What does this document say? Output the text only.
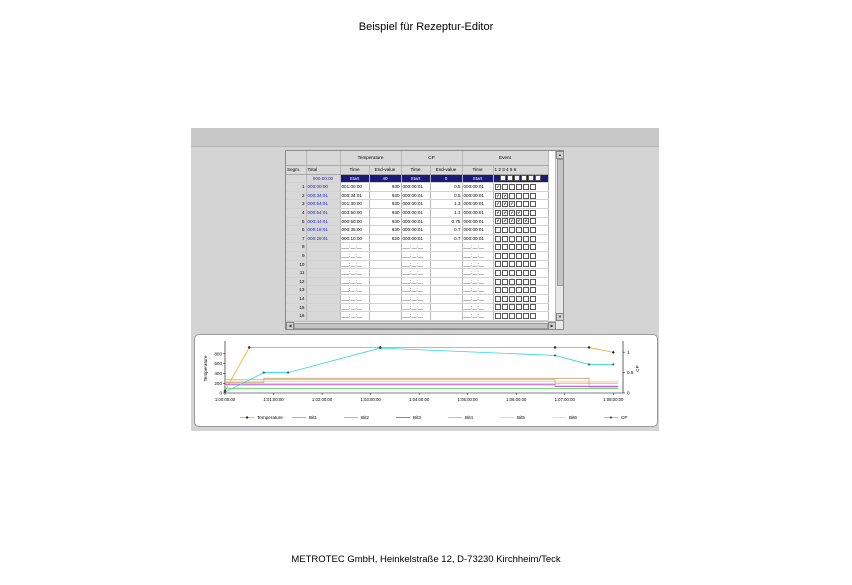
Beispiel für Rezeptur-Editor
		Temperature		CP		Event	
Segm.	Total	Time	End-value	Time	End-value	Time	1 2 3 4 5 6
	000:00:00	Start	40	Start	0	Start	
1	000:00:00	001:00:00	930	000:00:01	0.5	000:00:01	✔
2	000:34:01	000:34:01	930	000:00:01	0.5	000:00:01	✔ ✔
3	000:54:01	001:30:00	930	000:00:01	1.3	000:00:01	✔ ✔ ✔
4	000:54:01	003:50:00	930	000:00:01	1.1	000:00:01	✔ ✔ ✔ ✔
5	000:44:01	000:50:00	930	000:00:01	0.75	000:00:01	✔ ✔ ✔ ✔ ✔
6	000:18:01	000:35:00	830	000:00:01	0.7	000:00:01	
7	000:29:01	000:10:00	820	000:00:01	0.7	000:00:01	
8		___:__:__		___:__:__		___:__:__	
9		___:__:__		___:__:__		___:__:__	
10		___:__:__		___:__:__		___:__:__	
11		___:__:__		___:__:__		___:__:__	
12		___:__:__		___:__:__		___:__:__	
13		___:__:__		___:__:__		___:__:__	
14		___:__:__		___:__:__		___:__:__	
15		___:__:__		___:__:__		___:__:__	
16		___:__:__		___:__:__		___:__:__	
▲
▼
◀	▶
0
200
400
600
800
0
0.5
1
Temperature	CP
1:00:00:00	1:01:00:00	1:02:00:00	1:03:00:00	1:04:00:00	1:05:00:00	1:06:00:00	1:07:00:00	1:08:00:00
Temperature	Bit1	Bit2	Bit3	Bit4	Bit5	Bit6	CP
METROTEC GmbH, Heinkelstraße 12, D-73230 Kirchheim/Teck
